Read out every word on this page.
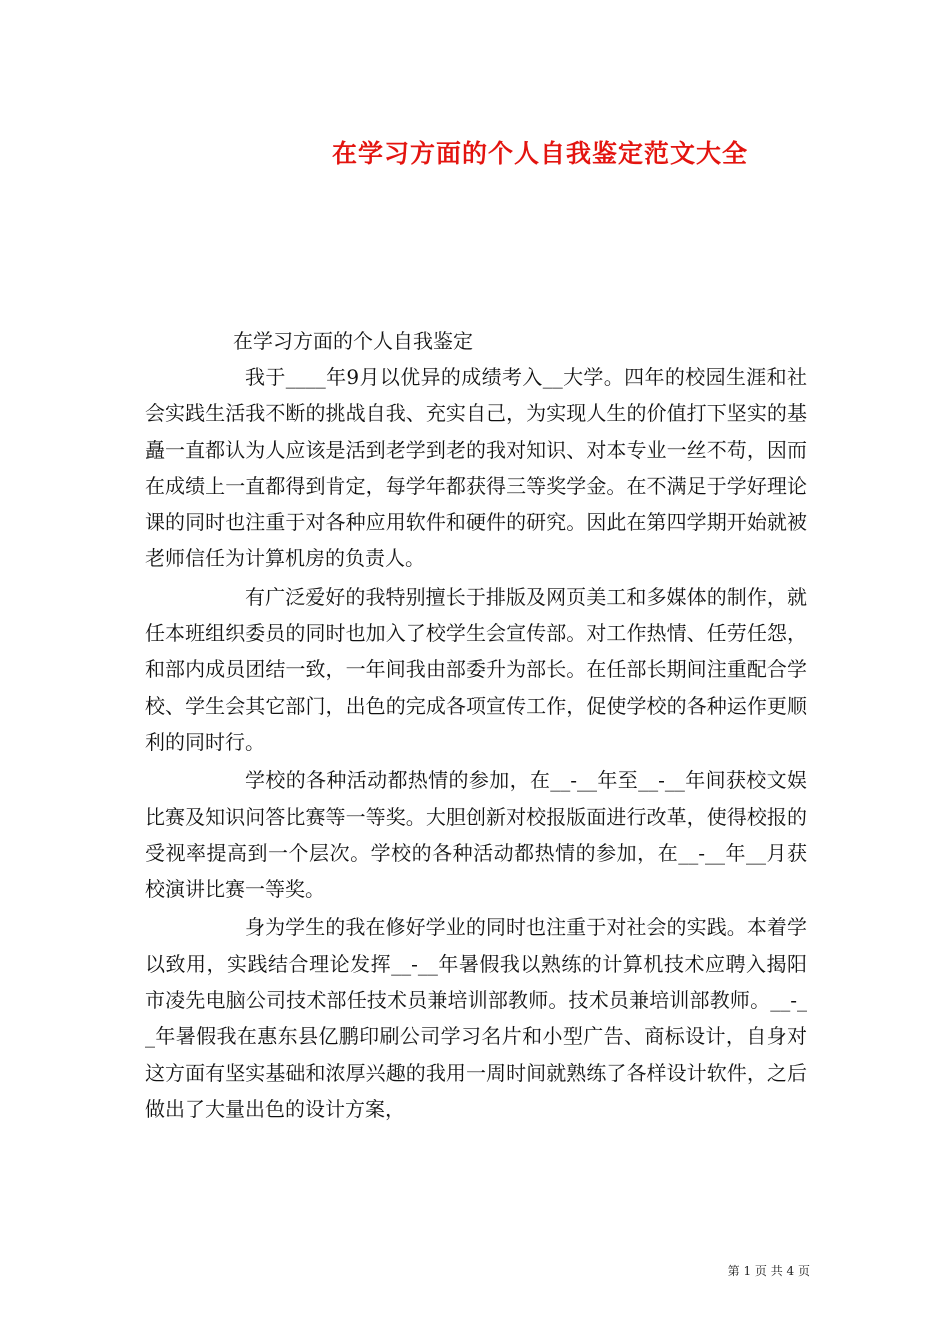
在学习方面的个人自我鉴定范文大全
在学习方面的个人自我鉴定

我于____年9月以优异的成绩考入__大学。四年的校园生涯和社会实践生活我不断的挑战自我、充实自己，为实现人生的价值打下坚实的基矗一直都认为人应该是活到老学到老的我对知识、对本专业一丝不苟，因而在成绩上一直都得到肯定，每学年都获得三等奖学金。在不满足于学好理论课的同时也注重于对各种应用软件和硬件的研究。因此在第四学期开始就被老师信任为计算机房的负责人。

有广泛爱好的我特别擅长于排版及网页美工和多媒体的制作，就任本班组织委员的同时也加入了校学生会宣传部。对工作热情、任劳任怨，和部内成员团结一致，一年间我由部委升为部长。在任部长期间注重配合学校、学生会其它部门，出色的完成各项宣传工作，促使学校的各种运作更顺利的同时行。

学校的各种活动都热情的参加，在__-__年至__-__年间获校文娱比赛及知识问答比赛等一等奖。大胆创新对校报版面进行改革，使得校报的受视率提高到一个层次。学校的各种活动都热情的参加，在__-__年__月获校演讲比赛一等奖。

身为学生的我在修好学业的同时也注重于对社会的实践。本着学以致用，实践结合理论发挥__-__年暑假我以熟练的计算机技术应聘入揭阳市凌先电脑公司技术部任技术员兼培训部教师。技术员兼培训部教师。__-__年暑假我在惠东县亿鹏印刷公司学习名片和小型广告、商标设计，自身对这方面有坚实基础和浓厚兴趣的我用一周时间就熟练了各样设计软件，之后做出了大量出色的设计方案，

第 1 页 共 4 页
